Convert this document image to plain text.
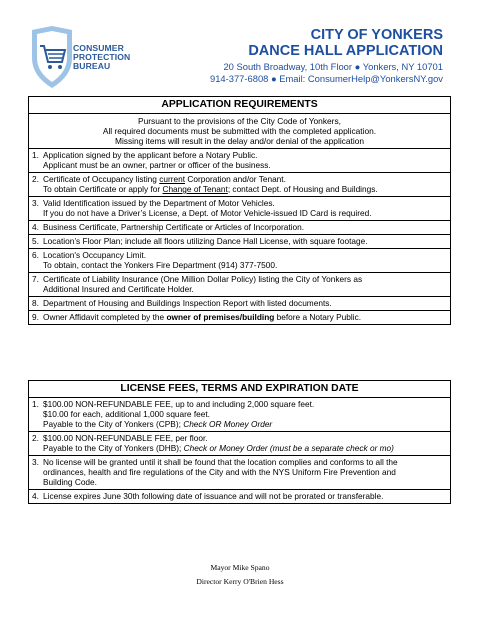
CONSUMER
PROTECTION
BUREAU
CITY OF YONKERS
DANCE HALL APPLICATION
20 South Broadway, 10th Floor ● Yonkers, NY 10701
914-377-6808 ● Email: ConsumerHelp@YonkersNY.gov
APPLICATION REQUIREMENTS
Pursuant to the provisions of the City Code of Yonkers,
All required documents must be submitted with the completed application.
Missing items will result in the delay and/or denial of the application
1. Application signed by the applicant before a Notary Public.
Applicant must be an owner, partner or officer of the business.
2. Certificate of Occupancy listing current Corporation and/or Tenant.
To obtain Certificate or apply for Change of Tenant; contact Dept. of Housing and Buildings.
3. Valid Identification issued by the Department of Motor Vehicles.
If you do not have a Driver’s License, a Dept. of Motor Vehicle-issued ID Card is required.
4. Business Certificate, Partnership Certificate or Articles of Incorporation.
5. Location’s Floor Plan; include all floors utilizing Dance Hall License, with square footage.
6. Location's Occupancy Limit.
To obtain, contact the Yonkers Fire Department (914) 377-7500.
7. Certificate of Liability Insurance (One Million Dollar Policy) listing the City of Yonkers as
Additional Insured and Certificate Holder.
8. Department of Housing and Buildings Inspection Report with listed documents.
9. Owner Affidavit completed by the owner of premises/building before a Notary Public.
LICENSE FEES, TERMS AND EXPIRATION DATE
1. $100.00 NON-REFUNDABLE FEE, up to and including 2,000 square feet.
$10.00 for each, additional 1,000 square feet.
Payable to the City of Yonkers (CPB); Check OR Money Order
2. $100.00 NON-REFUNDABLE FEE, per floor.
Payable to the City of Yonkers (DHB); Check or Money Order (must be a separate check or mo)
3. No license will be granted until it shall be found that the location complies and conforms to all the
ordinances, health and fire regulations of the City and with the NYS Uniform Fire Prevention and
Building Code.
4. License expires June 30th following date of issuance and will not be prorated or transferable.
Mayor Mike Spano
Director Kerry O'Brien Hess
